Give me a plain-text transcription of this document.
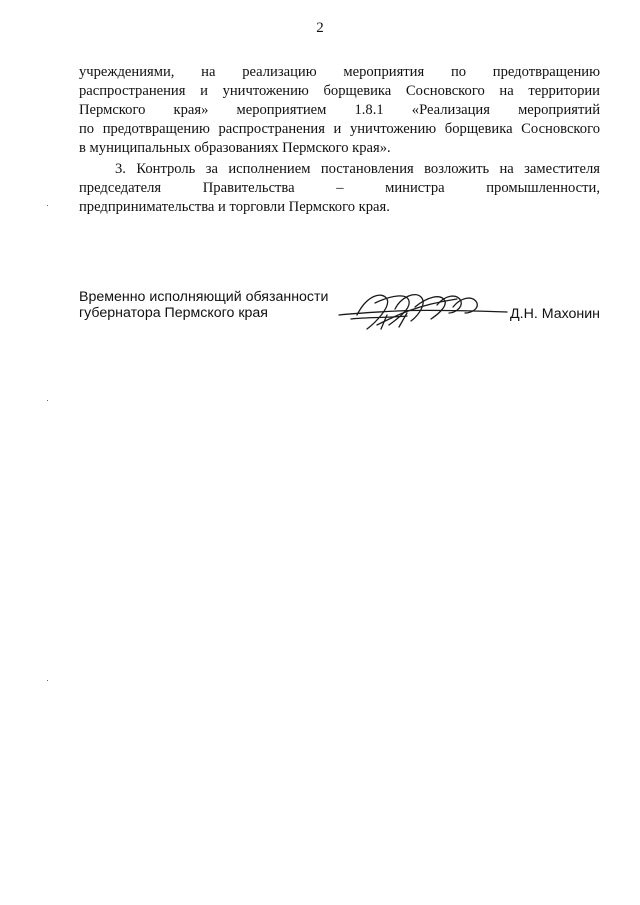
2
учреждениями, на реализацию мероприятия по предотвращению
распространения и уничтожению борщевика Сосновского на территории
Пермского края» мероприятием 1.8.1 «Реализация мероприятий
по предотвращению распространения и уничтожению борщевика Сосновского
в муниципальных образованиях Пермского края».
3. Контроль за исполнением постановления возложить на заместителя
председателя Правительства – министра промышленности,
предпринимательства и торговли Пермского края.
Временно исполняющий обязанности
губернатора Пермского края	Д.Н. Махонин
